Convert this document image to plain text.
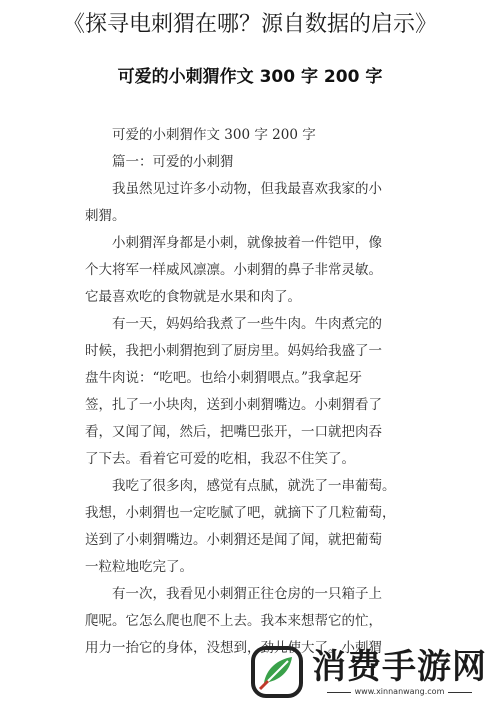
《探寻电刺猬在哪？源自数据的启示》
可爱的小刺猬作文 300 字 200 字
可爱的小刺猬作文 300 字 200 字
篇一：可爱的小刺猬
我虽然见过许多小动物，但我最喜欢我家的小
刺猬。
小刺猬浑身都是小刺，就像披着一件铠甲，像
个大将军一样威风凛凛。小刺猬的鼻子非常灵敏。
它最喜欢吃的食物就是水果和肉了。
有一天，妈妈给我煮了一些牛肉。牛肉煮完的
时候，我把小刺猬抱到了厨房里。妈妈给我盛了一
盘牛肉说：“吃吧。也给小刺猬喂点。”我拿起牙
签，扎了一小块肉，送到小刺猬嘴边。小刺猬看了
看，又闻了闻，然后，把嘴巴张开，一口就把肉吞
了下去。看着它可爱的吃相，我忍不住笑了。
我吃了很多肉，感觉有点腻，就洗了一串葡萄。
我想，小刺猬也一定吃腻了吧，就摘下了几粒葡萄，
送到了小刺猬嘴边。小刺猬还是闻了闻，就把葡萄
一粒粒地吃完了。
有一次，我看见小刺猬正往仓房的一只箱子上
爬呢。它怎么爬也爬不上去。我本来想帮它的忙，
用力一抬它的身体，没想到，劲儿使大了。小刺猬
消费手游网
www.xinnanwang.com
